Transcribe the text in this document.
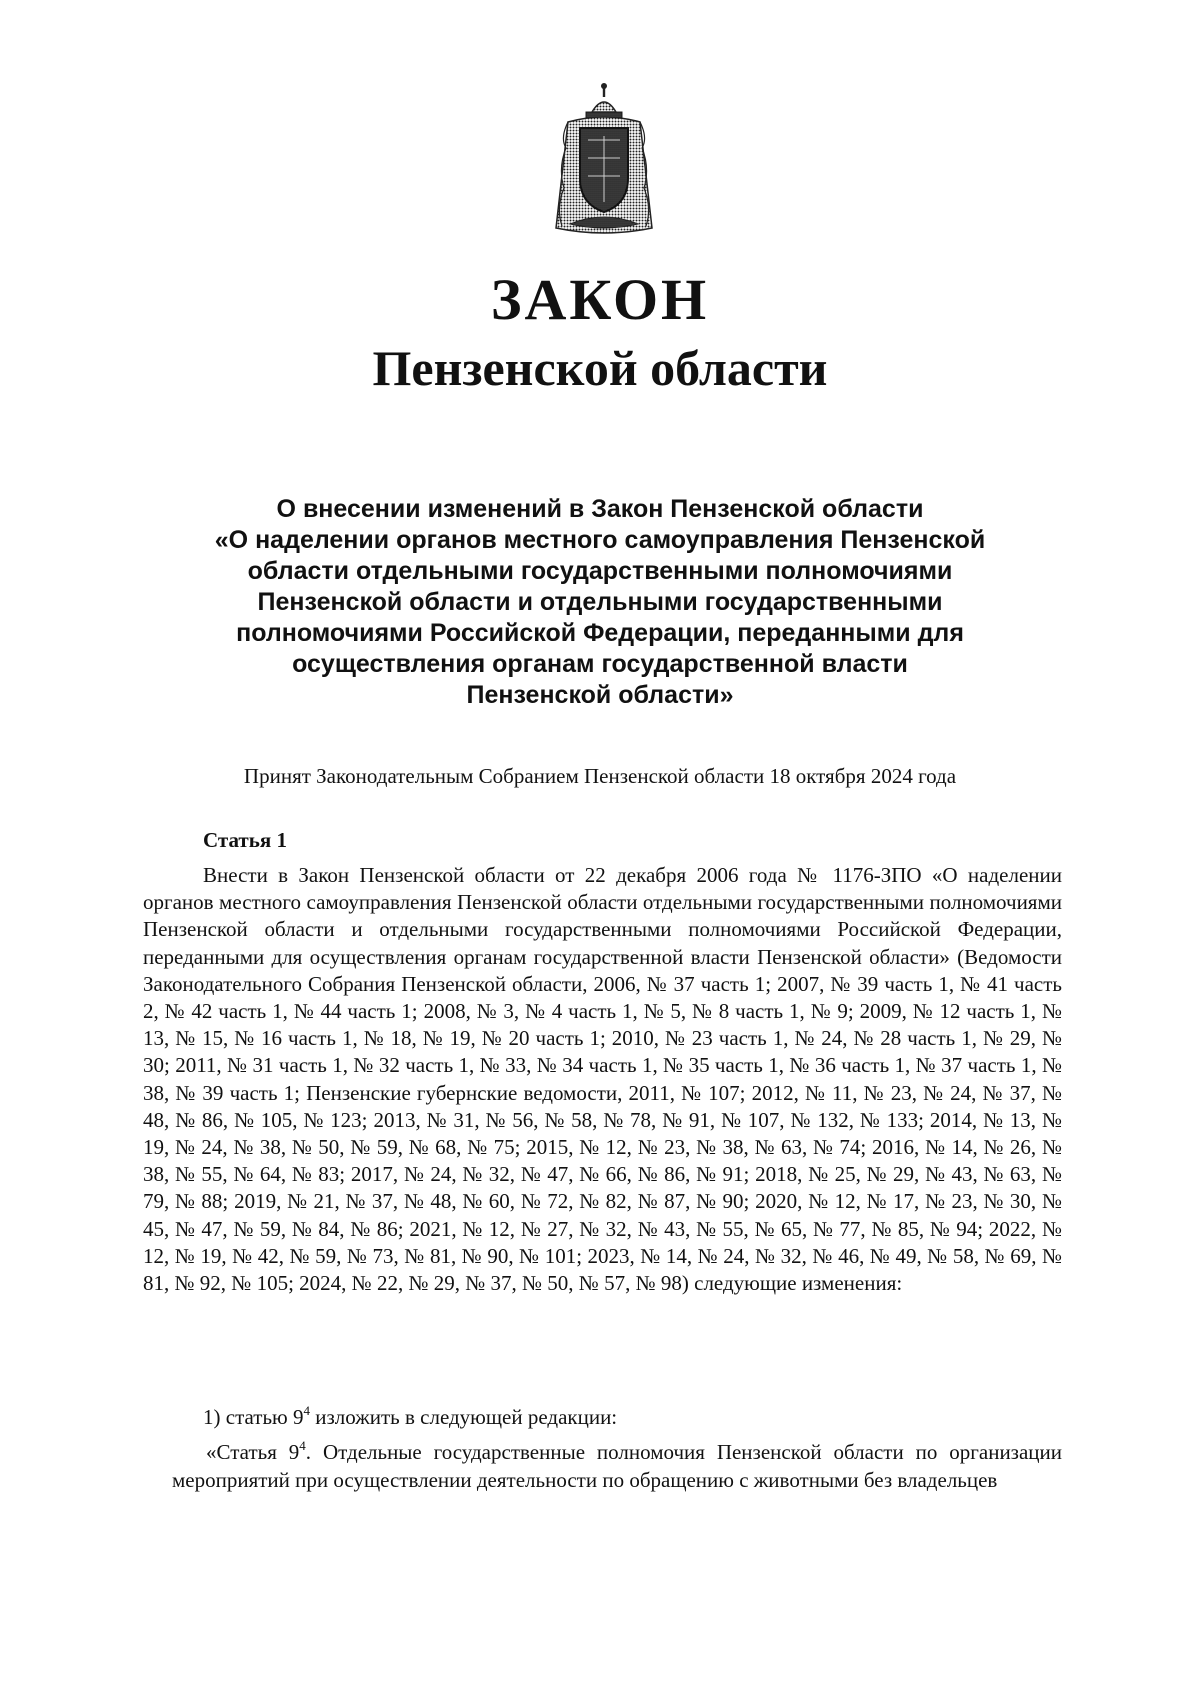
ЗАКОН
Пензенской области
О внесении изменений в Закон Пензенской области
«О наделении органов местного самоуправления Пензенской
области отдельными государственными полномочиями
Пензенской области и отдельными государственными
полномочиями Российской Федерации, переданными для
осуществления органам государственной власти
Пензенской области»
Принят Законодательным Собранием Пензенской области 18 октября 2024 года
Статья 1

Внести в Закон Пензенской области от 22 декабря 2006 года № 1176-ЗПО «О наделении органов местного самоуправления Пензенской области отдельными государственными полномочиями Пензенской области и отдельными государственными полномочиями Российской Федерации, переданными для осуществления органам государственной власти Пензенской области» (Ведомости Законодательного Собрания Пензенской области, 2006, № 37 часть 1; 2007, № 39 часть 1, № 41 часть 2, № 42 часть 1, № 44 часть 1; 2008, № 3, № 4 часть 1, № 5, № 8 часть 1, № 9; 2009, № 12 часть 1, № 13, № 15, № 16 часть 1, № 18, № 19, № 20 часть 1; 2010, № 23 часть 1, № 24, № 28 часть 1, № 29, № 30; 2011, № 31 часть 1, № 32 часть 1, № 33, № 34 часть 1, № 35 часть 1, № 36 часть 1, № 37 часть 1, № 38, № 39 часть 1; Пензенские губернские ведомости, 2011, № 107; 2012, № 11, № 23, № 24, № 37, № 48, № 86, № 105, № 123; 2013, № 31, № 56, № 58, № 78, № 91, № 107, № 132, № 133; 2014, № 13, № 19, № 24, № 38, № 50, № 59, № 68, № 75; 2015, № 12, № 23, № 38, № 63, № 74; 2016, № 14, № 26, № 38, № 55, № 64, № 83; 2017, № 24, № 32, № 47, № 66, № 86, № 91; 2018, № 25, № 29, № 43, № 63, № 79, № 88; 2019, № 21, № 37, № 48, № 60, № 72, № 82, № 87, № 90; 2020, № 12, № 17, № 23, № 30, № 45, № 47, № 59, № 84, № 86; 2021, № 12, № 27, № 32, № 43, № 55, № 65, № 77, № 85, № 94; 2022, № 12, № 19, № 42, № 59, № 73, № 81, № 90, № 101; 2023, № 14, № 24, № 32, № 46, № 49, № 58, № 69, № 81, № 92, № 105; 2024, № 22, № 29, № 37, № 50, № 57, № 98) следующие изменения:

1) статью $9^4$ изложить в следующей редакции:

«Статья $9^4$. Отдельные государственные полномочия Пензенской области по организации мероприятий при осуществлении деятельности по обращению с животными без владельцев
